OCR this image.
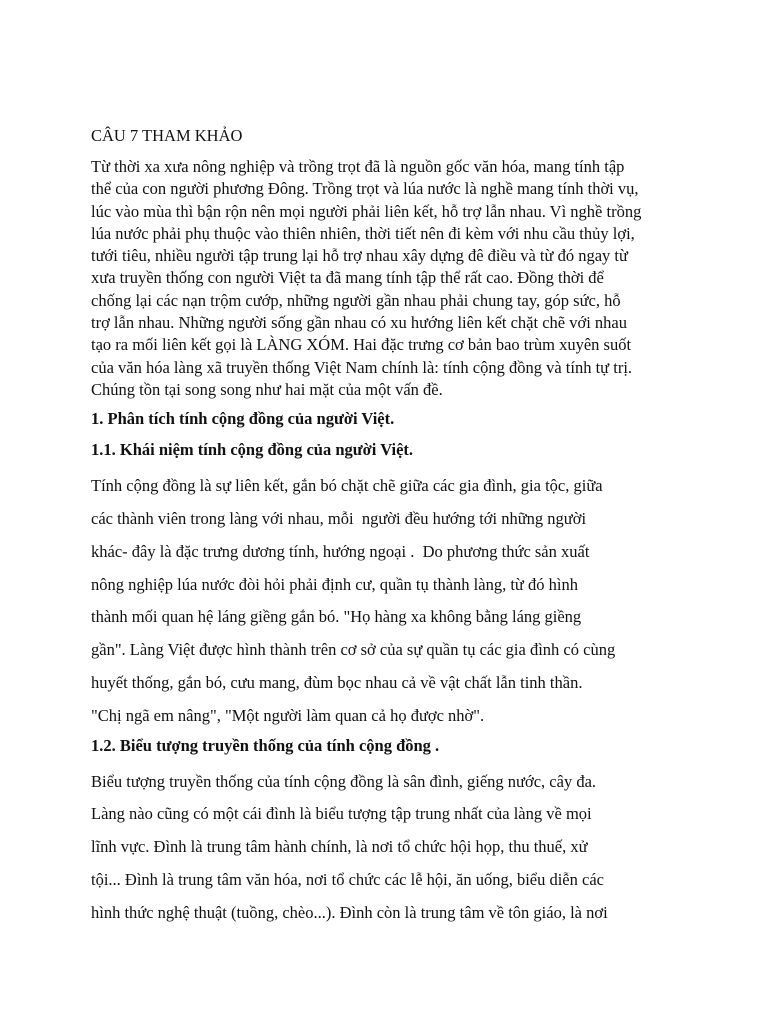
CÂU 7 THAM KHẢO
Từ thời xa xưa nông nghiệp và trồng trọt đã là nguồn gốc văn hóa, mang tính tập
thể của con người phương Đông. Trồng trọt và lúa nước là nghề mang tính thời vụ,
lúc vào mùa thì bận rộn nên mọi người phải liên kết, hỗ trợ lẫn nhau. Vì nghề trồng
lúa nước phải phụ thuộc vào thiên nhiên, thời tiết nên đi kèm với nhu cầu thủy lợi,
tưới tiêu, nhiều người tập trung lại hỗ trợ nhau xây dựng đê điều và từ đó ngay từ
xưa truyền thống con người Việt ta đã mang tính tập thể rất cao. Đồng thời để
chống lại các nạn trộm cướp, những người gần nhau phải chung tay, góp sức, hỗ
trợ lẫn nhau. Những người sống gần nhau có xu hướng liên kết chặt chẽ với nhau
tạo ra mối liên kết gọi là LÀNG XÓM. Hai đặc trưng cơ bản bao trùm xuyên suốt
của văn hóa làng xã truyền thống Việt Nam chính là: tính cộng đồng và tính tự trị.
Chúng tồn tại song song như hai mặt của một vấn đề.
1. Phân tích tính cộng đồng của người Việt.
1.1. Khái niệm tính cộng đồng của người Việt.
Tính cộng đồng là sự liên kết, gắn bó chặt chẽ giữa các gia đình, gia tộc, giữa
các thành viên trong làng với nhau, mỗi  người đều hướng tới những người
khác- đây là đặc trưng dương tính, hướng ngoại .  Do phương thức sản xuất
nông nghiệp lúa nước đòi hỏi phải định cư, quần tụ thành làng, từ đó hình
thành mối quan hệ láng giềng gắn bó. "Họ hàng xa không bằng láng giềng
gần". Làng Việt được hình thành trên cơ sở của sự quần tụ các gia đình có cùng
huyết thống, gắn bó, cưu mang, đùm bọc nhau cả về vật chất lẫn tinh thần.
"Chị ngã em nâng", "Một người làm quan cả họ được nhờ".
1.2. Biểu tượng truyền thống của tính cộng đồng .
Biểu tượng truyền thống của tính cộng đồng là sân đình, giếng nước, cây đa.
Làng nào cũng có một cái đình là biểu tượng tập trung nhất của làng về mọi
lĩnh vực. Đình là trung tâm hành chính, là nơi tổ chức hội họp, thu thuế, xử
tội... Đình là trung tâm văn hóa, nơi tổ chức các lễ hội, ăn uống, biểu diễn các
hình thức nghệ thuật (tuồng, chèo...). Đình còn là trung tâm về tôn giáo, là nơi
